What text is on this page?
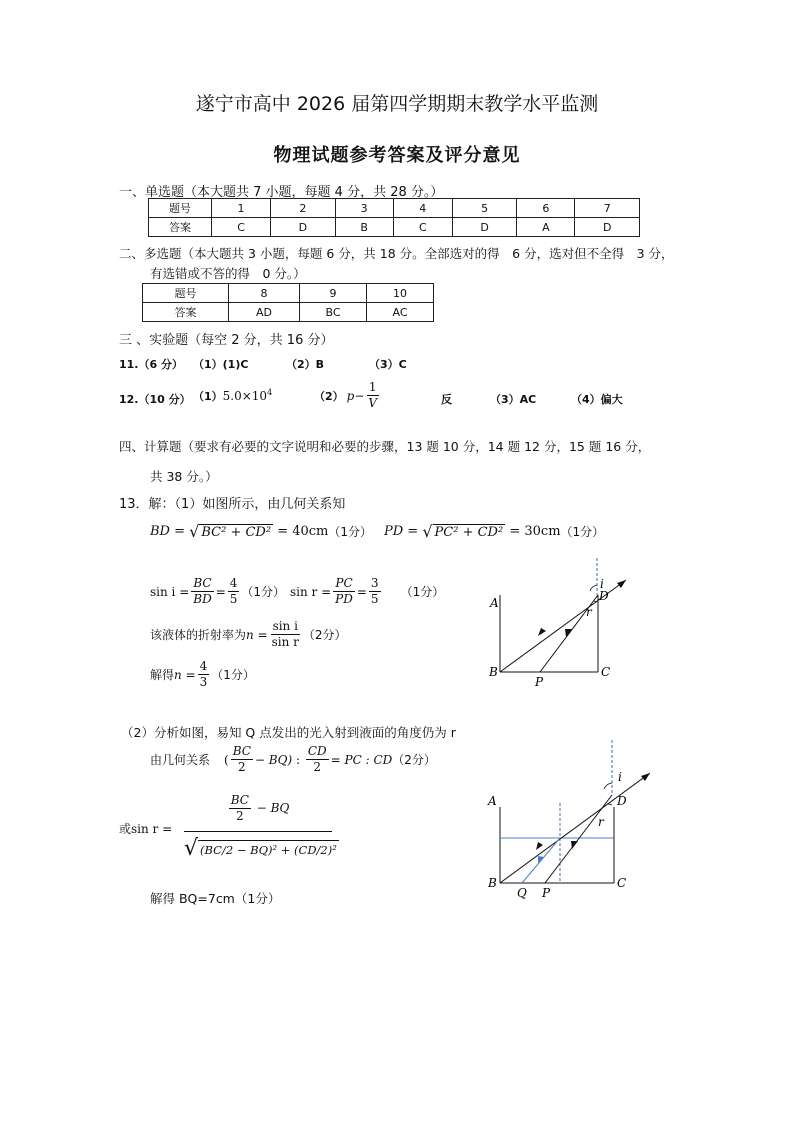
遂宁市高中 2026 届第四学期期末教学水平监测
物理试题参考答案及评分意见
一、单选题（本大题共 7 小题，每题 4 分，共 28 分。）
题号	1	2	3	4	5	6	7
答案	C	D	B	C	D	A	D
二、多选题（本大题共 3 小题，每题 6 分，共 18 分。全部选对的得　6 分，选对但不全得　3 分，
有选错或不答的得　0 分。）
题号	8	9	10
答案	AD	BC	AC
三 、实验题（每空 2 分，共 16 分）
11.（6 分） （1）(1)C	（2）B	（3）C
12.（10 分） $(1)5.0\times 10^4$	（2） $p - \frac{1}{V}$	反	（3）AC	（4）偏大
四、计算题（要求有必要的文字说明和必要的步骤，13 题 10 分，14 题 12 分，15 题 16 分，
共 38 分。）
13．解：（1）如图所示，由几何关系知
BD = √ BC² + CD²
= 40cm （1分） PD = √ PC² + CD²
= 30cm （1分）
$\sin i = \frac{BC}{BD} = \frac{4}{5} (1$分） $\sin r = \frac{PC}{PD} = \frac{3}{5} (1$分）
该液体的折射率为 $n = \frac{\text{sin i}}{\text{sin r}} (2$分）
解得 $n = \frac{4}{3} (1$分）
（2）分析如图，易知 Q 点发出的光入射到液面的角度仍为 r
由几何关系 ( $\frac{BC}{2} - BQ$) : $\frac{CD}{2}$ = PC : CD （2分）
或sin r =
$\frac{BC}{2}$ − BQ
√ (BC/2 − BQ)² + (CD/2)²
解得 BQ=7cm（1分）
A
B	C
D
P
i
r
A
B	C
D
Q P
i
r
